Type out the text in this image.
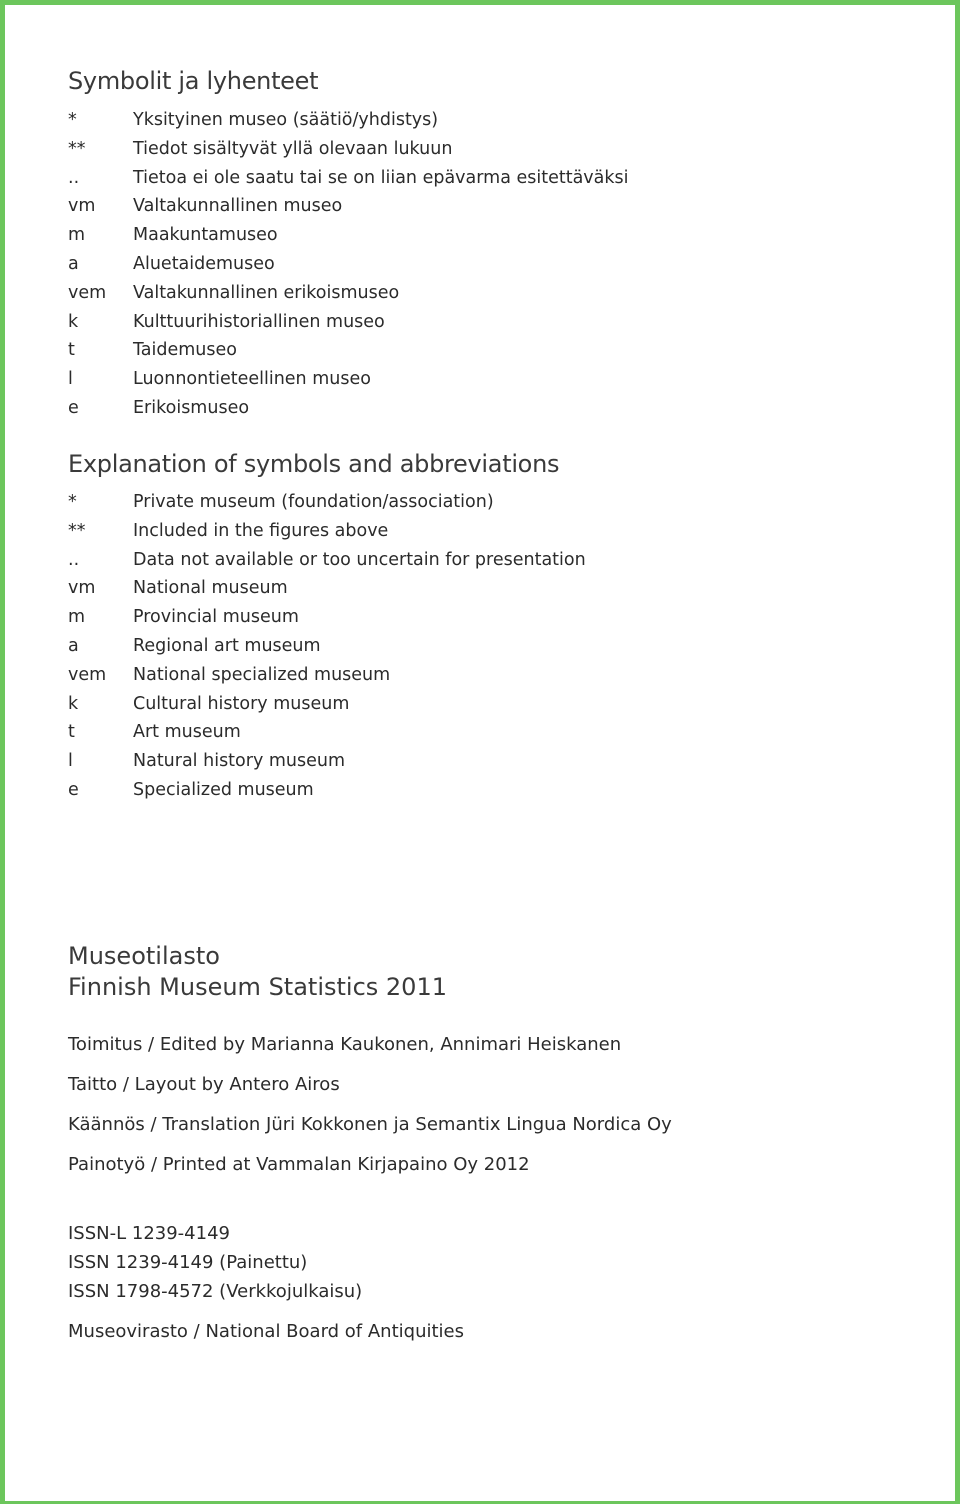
Symbolit ja lyhenteet
*	Yksityinen museo (säätiö/yhdistys)
**	Tiedot sisältyvät yllä olevaan lukuun
..	Tietoa ei ole saatu tai se on liian epävarma esitettäväksi
vm	Valtakunnallinen museo
m	Maakuntamuseo
a	Aluetaidemuseo
vem	Valtakunnallinen erikoismuseo
k	Kulttuurihistoriallinen museo
t	Taidemuseo
l	Luonnontieteellinen museo
e	Erikoismuseo
Explanation of symbols and abbreviations
*	Private museum (foundation/association)
**	Included in the figures above
..	Data not available or too uncertain for presentation
vm	National museum
m	Provincial museum
a	Regional art museum
vem	National specialized museum
k	Cultural history museum
t	Art museum
l	Natural history museum
e	Specialized museum
Museotilasto
Finnish Museum Statistics 2011

Toimitus / Edited by Marianna Kaukonen, Annimari Heiskanen

Taitto / Layout by Antero Airos

Käännös / Translation Jüri Kokkonen ja Semantix Lingua Nordica Oy

Painotyö / Printed at Vammalan Kirjapaino Oy 2012

ISSN-L 1239-4149

ISSN 1239-4149 (Painettu)

ISSN 1798-4572 (Verkkojulkaisu)

Museovirasto / National Board of Antiquities
